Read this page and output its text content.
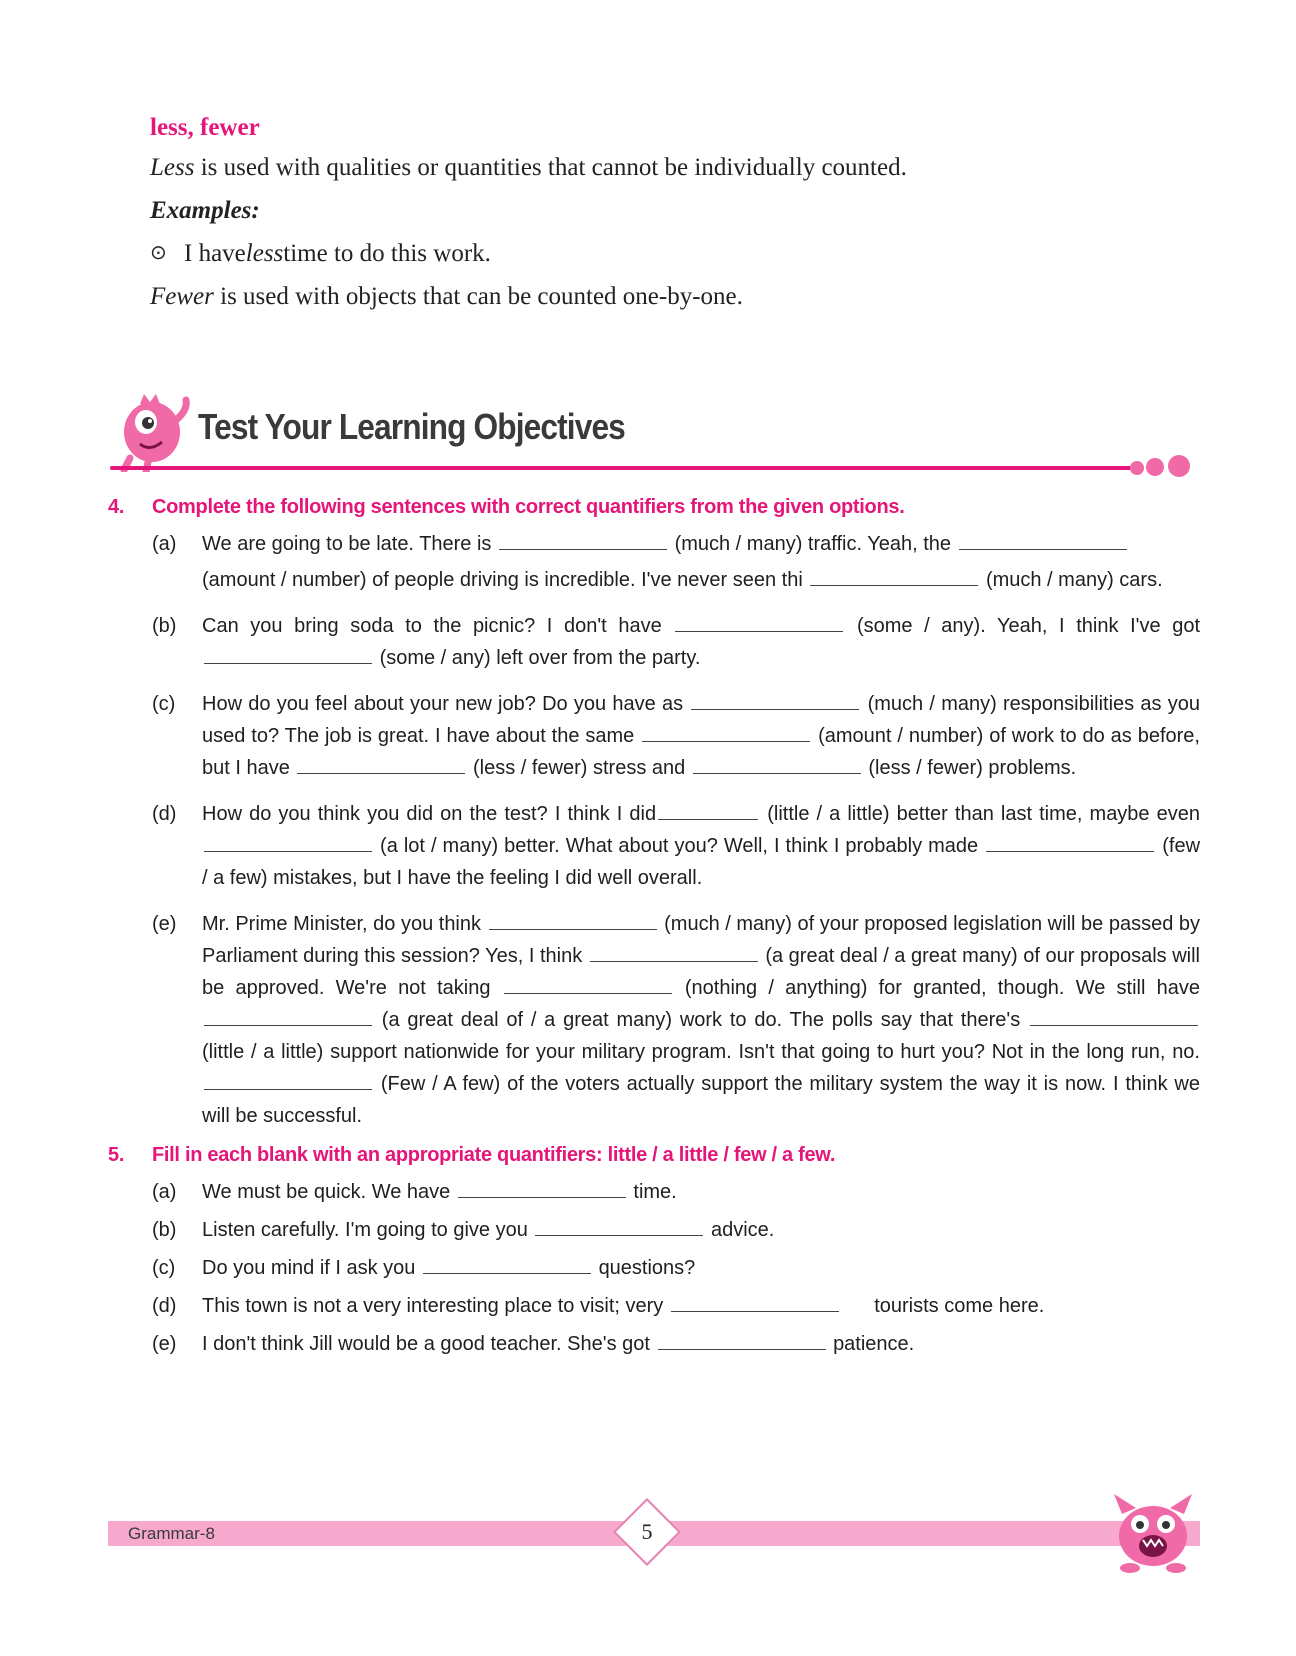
less, fewer
Less is used with qualities or quantities that cannot be individually counted.
Examples:
⊙ I have less time to do this work.
Fewer is used with objects that can be counted one-by-one.
Test Your Learning Objectives
4.	Complete the following sentences with correct quantifiers from the given options.
(a)	We are going to be late. There is	(much / many) traffic. Yeah, the
(amount / number) of people driving is incredible. I've never seen thi	(much / many) cars.
(b)	Can you bring soda to the picnic? I don't have	(some / any). Yeah, I think I've got  (some / any) left over from the party.
(c)	How do you feel about your new job? Do you have as	(much / many) responsibilities as you used to? The job is great. I have about the same	(amount / number) of work to do as before, but I have	(less / fewer) stress and	(less / fewer) problems.
(d)	How do you think you did on the test? I think I did	(little / a little) better than last time, maybe even  (a lot / many) better. What about you? Well, I think I probably made	(few / a few) mistakes, but I have the feeling I did well overall.
(e)	Mr. Prime Minister, do you think	(much / many) of your proposed legislation will be passed by Parliament during this session? Yes, I think	(a great deal / a great many) of our proposals will be approved. We're not taking	(nothing / anything) for granted, though. We still have  (a great deal of / a great many) work to do. The polls say that there's  (little / a little) support nationwide for your military program. Isn't that going to hurt you? Not in the long run, no.  (Few / A few) of the voters actually support the military system the way it is now. I think we will be successful.
5.	Fill in each blank with an appropriate quantifiers: little / a little / few / a few.
(a)	We must be quick. We have	time.
(b)	Listen carefully. I'm going to give you	advice.
(c)	Do you mind if I ask you	questions?
(d)	This town is not a very interesting place to visit; very	tourists come here.
(e)	I don't think Jill would be a good teacher. She's got	patience.
Grammar-8	5
